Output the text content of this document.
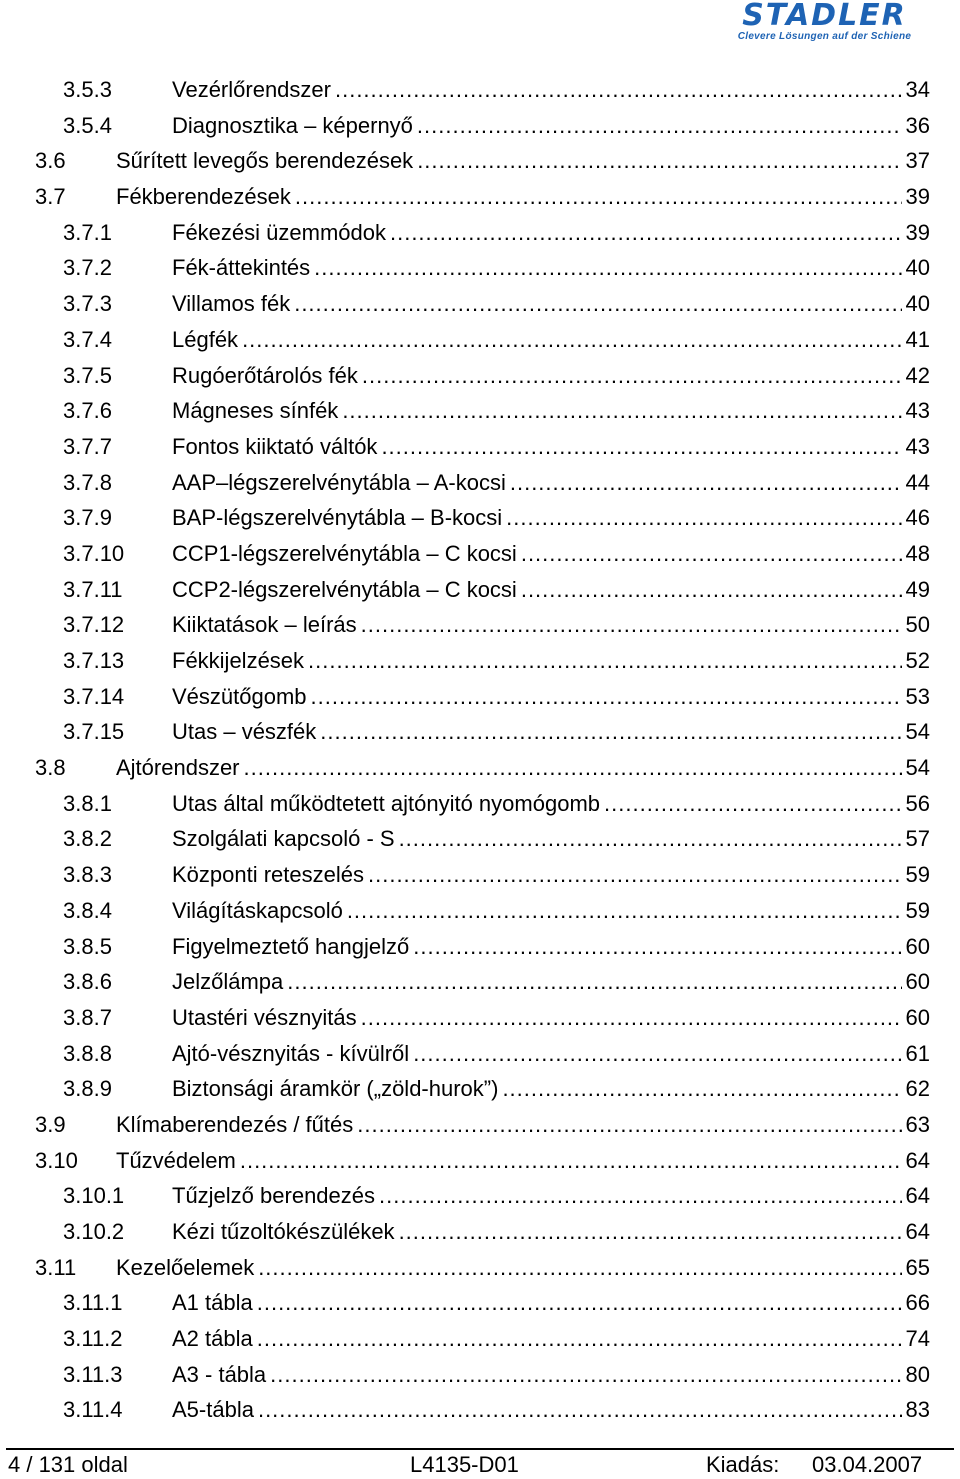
STADLER
Clevere Lösungen auf der Schiene
3.5.3	Vezérlőrendszer .....	34
3.5.4	Diagnosztika – képernyő .....	36
3.6 Sűrített levegős berendezések .....	37
3.7 Fékberendezések .....	39
3.7.1	Fékezési üzemmódok .....	39
3.7.2	Fék-áttekintés .....	40
3.7.3	Villamos fék .....	40
3.7.4	Légfék .....	41
3.7.5	Rugóerőtárolós fék .....	42
3.7.6	Mágneses sínfék .....	43
3.7.7	Fontos kiiktató váltók .....	43
3.7.8	AAP–légszerelvénytábla – A-kocsi .....	44
3.7.9	BAP-légszerelvénytábla – B-kocsi .....	46
3.7.10 CCP1-légszerelvénytábla – C kocsi .....	48
3.7.11 CCP2-légszerelvénytábla – C kocsi .....	49
3.7.12 Kiiktatások – leírás .....	50
3.7.13 Fékkijelzések .....	52
3.7.14 Vészütőgomb .....	53
3.7.15 Utas – vészfék .....	54
3.8 Ajtórendszer .....	54
3.8.1	Utas által működtetett ajtónyitó nyomógomb .....	56
3.8.2	Szolgálati kapcsoló - S .....	57
3.8.3	Központi reteszelés .....	59
3.8.4	Világításkapcsoló .....	59
3.8.5	Figyelmeztető hangjelző .....	60
3.8.6	Jelzőlámpa .....	60
3.8.7	Utastéri vésznyitás .....	60
3.8.8	Ajtó-vésznyitás - kívülről .....	61
3.8.9	Biztonsági áramkör („zöld-hurok”) .....	62
3.9 Klímaberendezés / fűtés .....	63
3.10 Tűzvédelem .....	64
3.10.1 Tűzjelző berendezés .....	64
3.10.2 Kézi tűzoltókészülékek .....	64
3.11 Kezelőelemek .....	65
3.11.1 A1 tábla .....	66
3.11.2 A2 tábla .....	74
3.11.3 A3 - tábla .....	80
3.11.4 A5-tábla .....	83
4 / 131 oldal	L4135-D01	Kiadás: 03.04.2007
